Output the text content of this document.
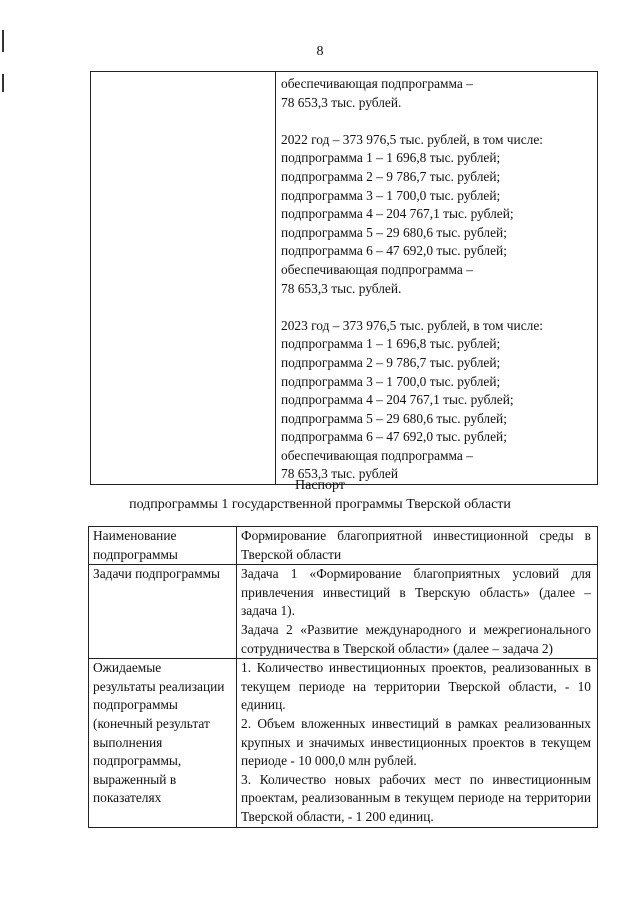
8

обеспечивающая подпрограмма –
78 653,3 тыс. рублей.
2022 год – 373 976,5 тыс. рублей, в том числе:
подпрограмма 1 – 1 696,8 тыс. рублей;
подпрограмма 2 – 9 786,7 тыс. рублей;
подпрограмма 3 – 1 700,0 тыс. рублей;
подпрограмма 4 – 204 767,1 тыс. рублей;
подпрограмма 5 – 29 680,6 тыс. рублей;
подпрограмма 6 – 47 692,0 тыс. рублей;
обеспечивающая подпрограмма –
78 653,3 тыс. рублей.
2023 год – 373 976,5 тыс. рублей, в том числе:
подпрограмма 1 – 1 696,8 тыс. рублей;
подпрограмма 2 – 9 786,7 тыс. рублей;
подпрограмма 3 – 1 700,0 тыс. рублей;
подпрограмма 4 – 204 767,1 тыс. рублей;
подпрограмма 5 – 29 680,6 тыс. рублей;
подпрограмма 6 – 47 692,0 тыс. рублей;
обеспечивающая подпрограмма –
78 653,3 тыс. рублей
Паспорт
подпрограммы 1 государственной программы Тверской области
Наименование подпрограммы	Формирование благоприятной инвестиционной среды в Тверской области
Задачи подпрограммы	Задача 1 «Формирование благоприятных условий для привлечения инвестиций в Тверскую область» (далее – задача 1).
Задача 2 «Развитие международного и межрегионального сотрудничества в Тверской области» (далее – задача 2)

Ожидаемые результаты реализации подпрограммы (конечный результат выполнения подпрограммы, выраженный в показателях	1. Количество инвестиционных проектов, реализованных в текущем периоде на территории Тверской области, - 10 единиц.
2. Объем вложенных инвестиций в рамках реализованных крупных и значимых инвестиционных проектов в текущем периоде - 10 000,0 млн рублей.
3. Количество новых рабочих мест по инвестиционным проектам, реализованным в текущем периоде на территории Тверской области, - 1 200 единиц.
